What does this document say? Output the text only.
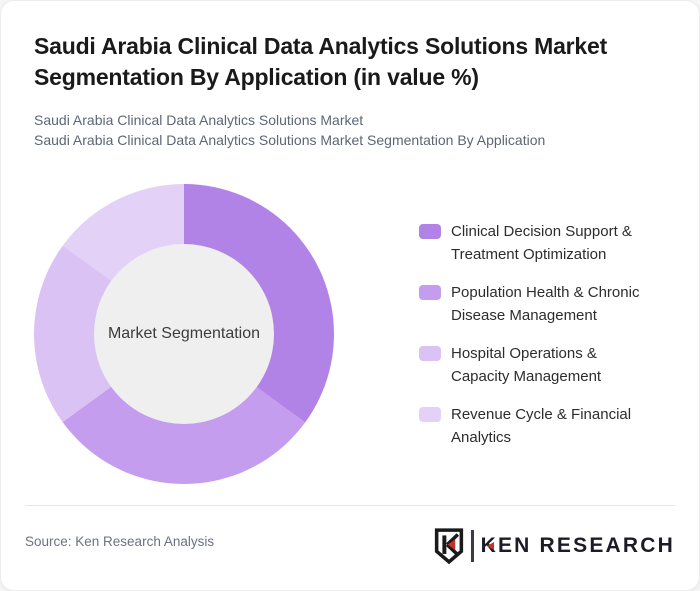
Saudi Arabia Clinical Data Analytics Solutions Market
Segmentation By Application (in value %)
Saudi Arabia Clinical Data Analytics Solutions Market
Saudi Arabia Clinical Data Analytics Solutions Market Segmentation By Application
Market Segmentation
Clinical Decision Support &
Treatment Optimization
Population Health & Chronic
Disease Management
Hospital Operations &
Capacity Management
Revenue Cycle & Financial
Analytics
Source: Ken Research Analysis	K
EN RESEARCH
